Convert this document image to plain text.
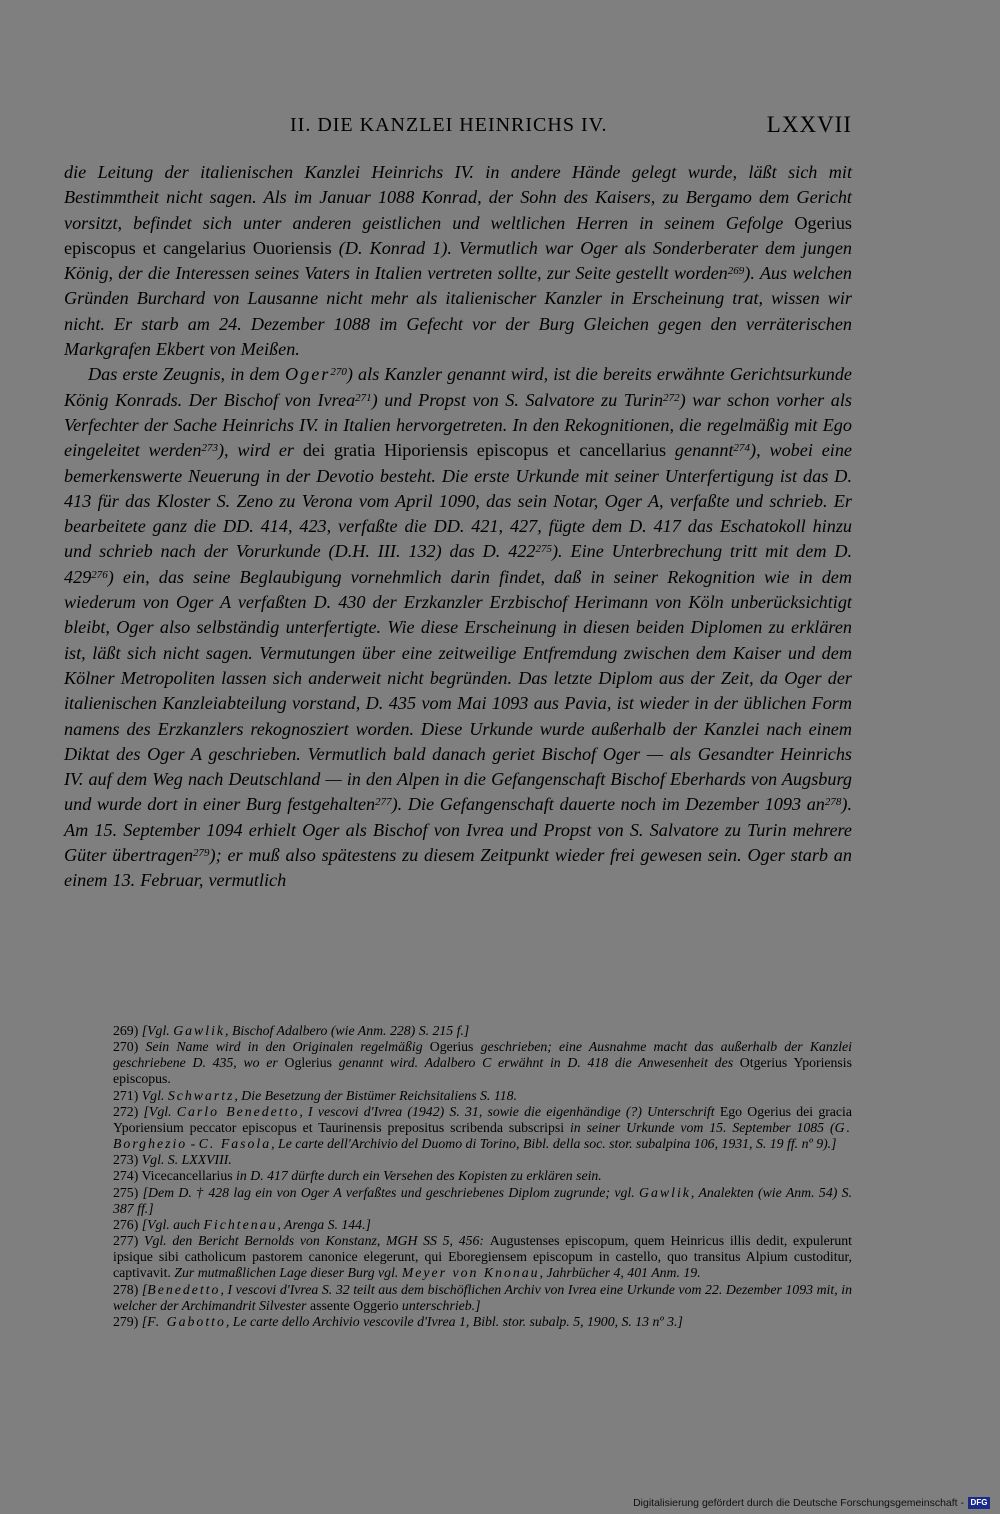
II. DIE KANZLEI HEINRICHS IV.	LXXVII

die Leitung der italienischen Kanzlei Heinrichs IV. in andere Hände gelegt wurde, läßt sich mit Bestimmtheit nicht sagen. Als im Januar 1088 Konrad, der Sohn des Kaisers, zu Bergamo dem Gericht vorsitzt, befindet sich unter anderen geistlichen und weltlichen Herren in seinem Gefolge Ogerius episcopus et cangelarius Ouoriensis (D. Konrad 1). Vermutlich war Oger als Sonderberater dem jungen König, der die Interessen seines Vaters in Italien vertreten sollte, zur Seite gestellt worden$^{269}$). Aus welchen Gründen Burchard von Lausanne nicht mehr als italienischer Kanzler in Erscheinung trat, wissen wir nicht. Er starb am 24. Dezember 1088 im Gefecht vor der Burg Gleichen gegen den verräterischen Markgrafen Ekbert von Meißen.

Das erste Zeugnis, in dem Oger$^{270}$) als Kanzler genannt wird, ist die bereits erwähnte Gerichtsurkunde König Konrads. Der Bischof von Ivrea$^{271}$) und Propst von S. Salvatore zu Turin$^{272}$) war schon vorher als Verfechter der Sache Heinrichs IV. in Italien hervorgetreten. In den Rekognitionen, die regelmäßig mit Ego eingeleitet werden$^{273}$), wird er dei gratia Hiporiensis episcopus et cancellarius genannt$^{274}$), wobei eine bemerkenswerte Neuerung in der Devotio besteht. Die erste Urkunde mit seiner Unterfertigung ist das D. 413 für das Kloster S. Zeno zu Verona vom April 1090, das sein Notar, Oger A, verfaßte und schrieb. Er bearbeitete ganz die DD. 414, 423, verfaßte die DD. 421, 427, fügte dem D. 417 das Eschatokoll hinzu und schrieb nach der Vorurkunde (D.H. III. 132) das D. $422^{275}$). Eine Unterbrechung tritt mit dem D. $429^{276}$) ein, das seine Beglaubigung vornehmlich darin findet, daß in seiner Rekognition wie in dem wiederum von Oger A verfaßten D. 430 der Erzkanzler Erzbischof Herimann von Köln unberücksichtigt bleibt, Oger also selbständig unterfertigte. Wie diese Erscheinung in diesen beiden Diplomen zu erklären ist, läßt sich nicht sagen. Vermutungen über eine zeitweilige Entfremdung zwischen dem Kaiser und dem Kölner Metropoliten lassen sich anderweit nicht begründen. Das letzte Diplom aus der Zeit, da Oger der italienischen Kanzleiabteilung vorstand, D. 435 vom Mai 1093 aus Pavia, ist wieder in der üblichen Form namens des Erzkanzlers rekognosziert worden. Diese Urkunde wurde außerhalb der Kanzlei nach einem Diktat des Oger A geschrieben. Vermutlich bald danach geriet Bischof Oger — als Gesandter Heinrichs IV. auf dem Weg nach Deutschland — in den Alpen in die Gefangenschaft Bischof Eberhards von Augsburg und wurde dort in einer Burg festgehalten$^{277}$). Die Gefangenschaft dauerte noch im Dezember 1093 $an^{278}$). Am 15. September 1094 erhielt Oger als Bischof von Ivrea und Propst von S. Salvatore zu Turin mehrere Güter übertragen$^{279}$); er muß also spätestens zu diesem Zeitpunkt wieder frei gewesen sein. Oger starb an einem 13. Februar, vermutlich

269) [Vgl. Gawlik, Bischof Adalbero (wie Anm. 228) S. 215 f.]

270) Sein Name wird in den Originalen regelmäßig Ogerius geschrieben; eine Ausnahme macht das außerhalb der Kanzlei geschriebene D. 435, wo er Oglerius genannt wird. Adalbero C erwähnt in D. 418 die Anwesenheit des Otgerius Yporiensis episcopus.

271) Vgl. Schwartz, Die Besetzung der Bistümer Reichsitaliens S. 118.

272) [Vgl. Carlo Benedetto, I vescovi d'Ivrea (1942) S. 31, sowie die eigenhändige (?) Unterschrift Ego Ogerius dei gracia Yporiensium peccator episcopus et Taurinensis prepositus scribenda subscripsi in seiner Urkunde vom 15. September 1085 (G. Borghezio - C. Fasola, Le carte dell'Archivio del Duomo di Torino, Bibl. della soc. stor. subalpina 106, 1931, S. 19 ff. nº 9).]

273) Vgl. S. LXXVIII.

274) Vicecancellarius in D. 417 dürfte durch ein Versehen des Kopisten zu erklären sein.

275) [Dem D. † 428 lag ein von Oger A verfaßtes und geschriebenes Diplom zugrunde; vgl. Gawlik, Analekten (wie Anm. 54) S. 387 ff.]

276) [Vgl. auch Fichtenau, Arenga S. 144.]

277) Vgl. den Bericht Bernolds von Konstanz, MGH SS 5, 456: Augustenses episcopum, quem Heinricus illis dedit, expulerunt ipsique sibi catholicum pastorem canonice elegerunt, qui Eboregiensem episcopum in castello, quo transitus Alpium custoditur, captivavit. Zur mutmaßlichen Lage dieser Burg vgl. Meyer von Knonau, Jahrbücher 4, 401 Anm. 19.

278) [Benedetto, I vescovi d'Ivrea S. 32 teilt aus dem bischöflichen Archiv von Ivrea eine Urkunde vom 22. Dezember 1093 mit, in welcher der Archimandrit Silvester assente Oggerio unterschrieb.]

279) [F. Gabotto, Le carte dello Archivio vescovile d'Ivrea 1, Bibl. stor. subalp. 5, 1900, S. 13 nº 3.]

Digitalisierung gefördert durch die Deutsche Forschungsgemeinschaft - DFG
